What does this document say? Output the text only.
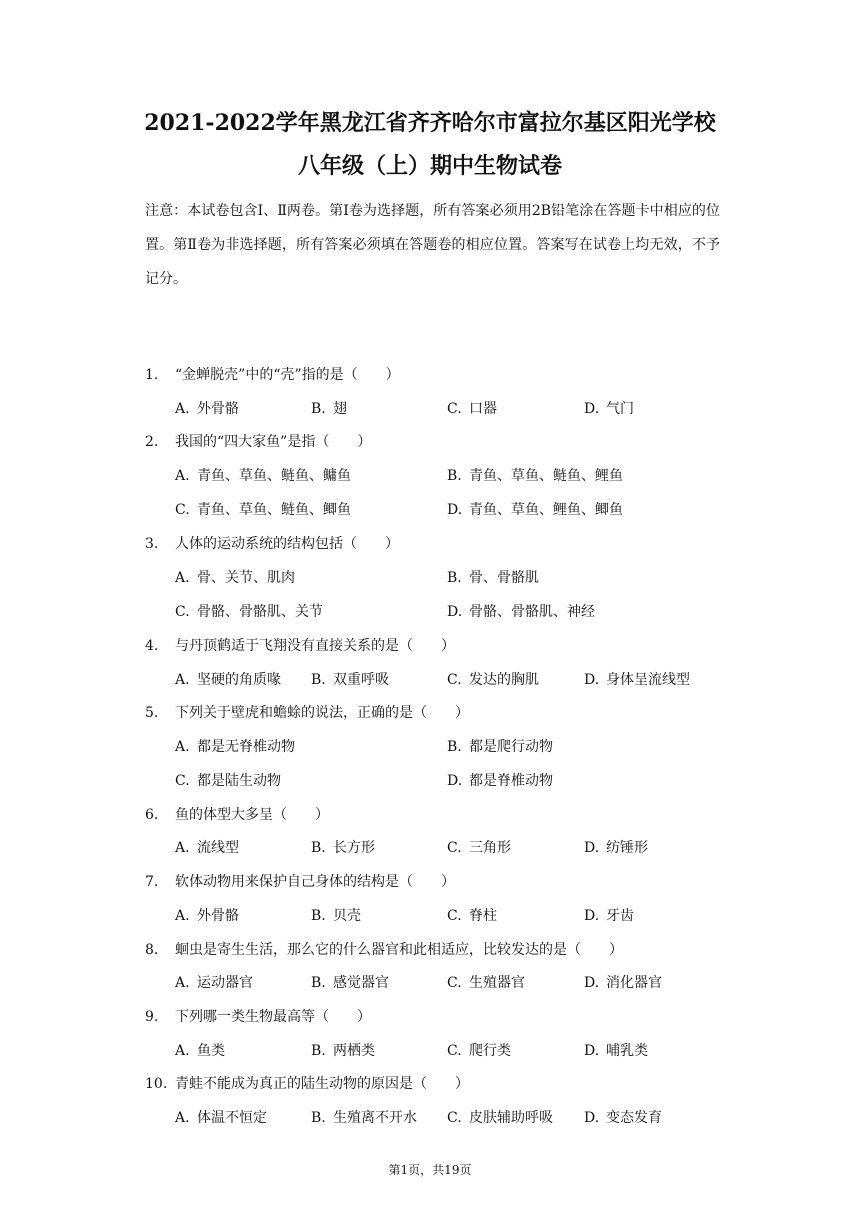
2021-2022学年黑龙江省齐齐哈尔市富拉尔基区阳光学校
八年级（上）期中生物试卷
注意：本试卷包含Ⅰ、Ⅱ两卷。第Ⅰ卷为选择题，所有答案必须用2B铅笔涂在答题卡中相应的位置。第Ⅱ卷为非选择题，所有答案必须填在答题卷的相应位置。答案写在试卷上均无效，不予记分。
1. “金蝉脱壳”中的“壳”指的是（　　）
A. 外骨骼	B. 翅	C. 口器	D. 气门
2. 我国的“四大家鱼”是指（　　）
A. 青鱼、草鱼、鲢鱼、鳙鱼	B. 青鱼、草鱼、鲢鱼、鲤鱼
C. 青鱼、草鱼、鲢鱼、鲫鱼	D. 青鱼、草鱼、鲤鱼、鲫鱼
3. 人体的运动系统的结构包括（　　）
A. 骨、关节、肌肉	B. 骨、骨骼肌
C. 骨骼、骨骼肌、关节	D. 骨骼、骨骼肌、神经
4. 与丹顶鹤适于飞翔没有直接关系的是（　　）
A. 坚硬的角质喙 B. 双重呼吸	C. 发达的胸肌	D. 身体呈流线型
5. 下列关于壁虎和蟾蜍的说法，正确的是（　　）
A. 都是无脊椎动物	B. 都是爬行动物
C. 都是陆生动物	D. 都是脊椎动物
6. 鱼的体型大多呈（　　）
A. 流线型	B. 长方形	C. 三角形	D. 纺锤形
7. 软体动物用来保护自己身体的结构是（　　）
A. 外骨骼	B. 贝壳	C. 脊柱	D. 牙齿
8. 蛔虫是寄生生活，那么它的什么器官和此相适应，比较发达的是（　　）
A. 运动器官	B. 感觉器官	C. 生殖器官	D. 消化器官
9. 下列哪一类生物最高等（　　）
A. 鱼类	B. 两栖类	C. 爬行类	D. 哺乳类
10. 青蛙不能成为真正的陆生动物的原因是（　　）
A. 体温不恒定	B. 生殖离不开水 C. 皮肤辅助呼吸 D. 变态发育
第1页，共19页
